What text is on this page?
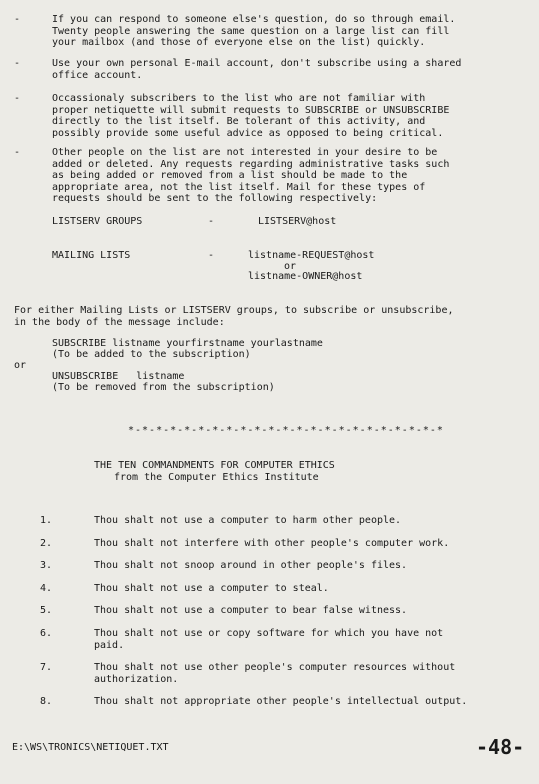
-	If you can respond to someone else's question, do so through email.
Twenty people answering the same question on a large list can fill
your mailbox (and those of everyone else on the list) quickly.
-	Use your own personal E-mail account, don't subscribe using a shared
office account.
-	Occassionaly subscribers to the list who are not familiar with
proper netiquette will submit requests to SUBSCRIBE or UNSUBSCRIBE
directly to the list itself. Be tolerant of this activity, and
possibly provide some useful advice as opposed to being critical.
-	Other people on the list are not interested in your desire to be
added or deleted. Any requests regarding administrative tasks such
as being added or removed from a list should be made to the
appropriate area, not the list itself. Mail for these types of
requests should be sent to the following respectively:
LISTSERV GROUPS	-	LISTSERV@host
MAILING LISTS	-	listname-REQUEST@host
or
listname-OWNER@host
For either Mailing Lists or LISTSERV groups, to subscribe or unsubscribe,
in the body of the message include:
SUBSCRIBE listname yourfirstname yourlastname
(To be added to the subscription)
or
UNSUBSCRIBE   listname
(To be removed from the subscription)
*-*-*-*-*-*-*-*-*-*-*-*-*-*-*-*-*-*-*-*-*-*-*
THE TEN COMMANDMENTS FOR COMPUTER ETHICS
from the Computer Ethics Institute
1.	Thou shalt not use a computer to harm other people.
2.	Thou shalt not interfere with other people's computer work.
3.	Thou shalt not snoop around in other people's files.
4.	Thou shalt not use a computer to steal.
5.	Thou shalt not use a computer to bear false witness.
6.	Thou shalt not use or copy software for which you have not
paid.
7.	Thou shalt not use other people's computer resources without
authorization.
8.	Thou shalt not appropriate other people's intellectual output.
E:\WS\TRONICS\NETIQUET.TXT	-48-
